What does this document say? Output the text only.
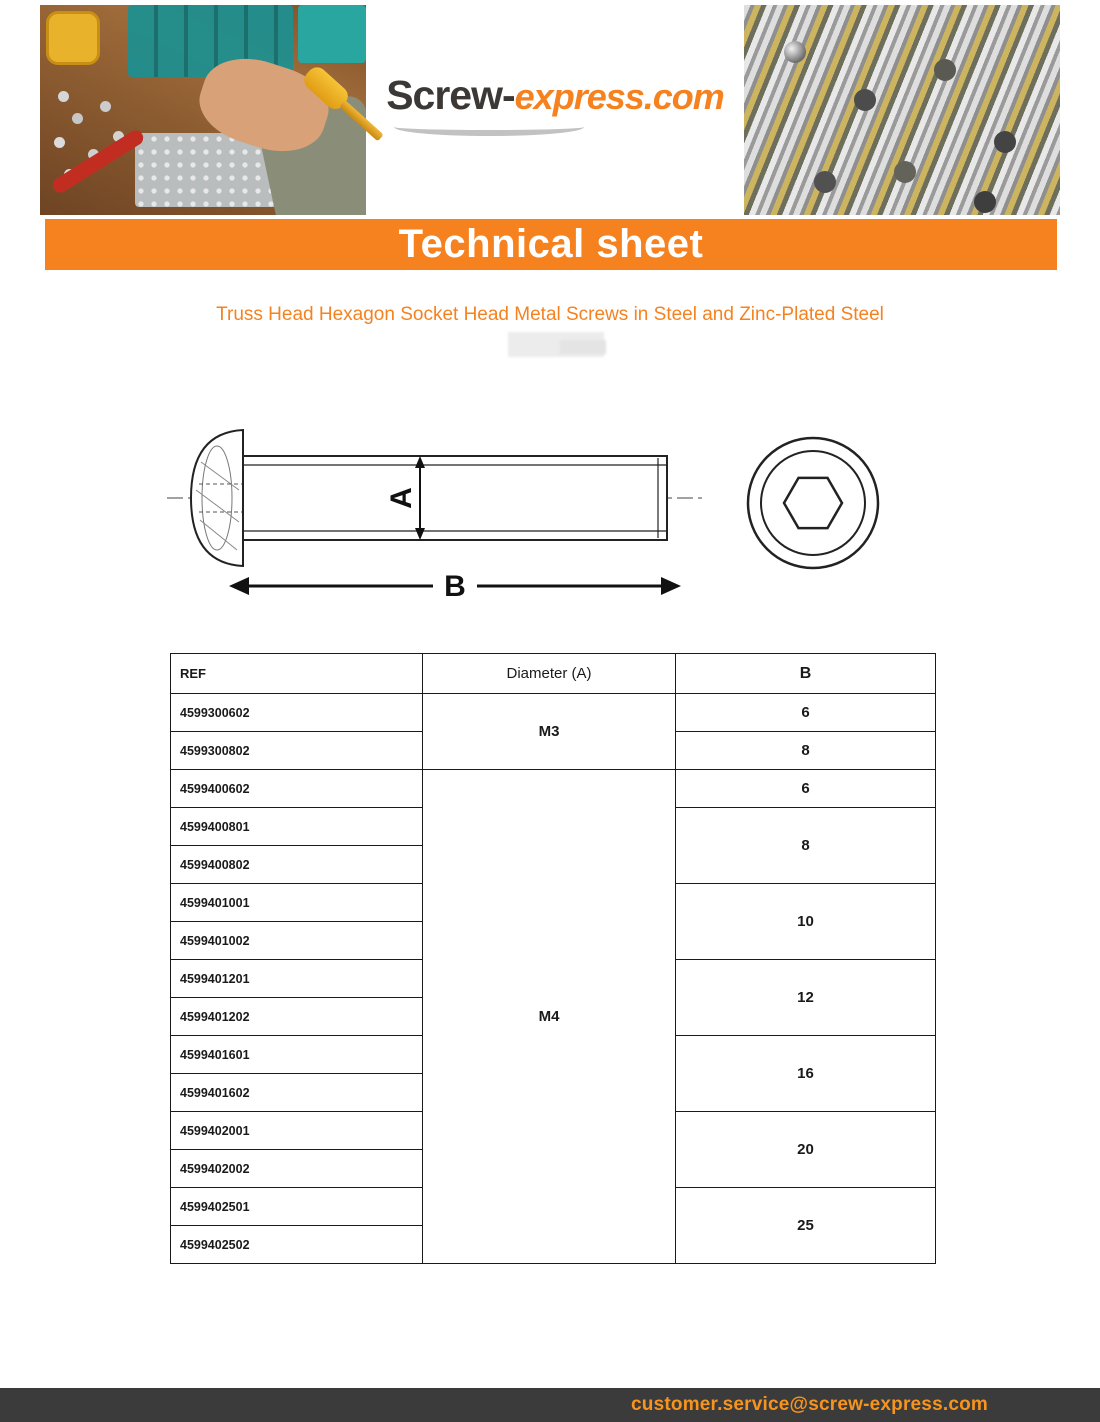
Screw-express.com
Technical sheet
Truss Head Hexagon Socket Head Metal Screws in Steel and Zinc-Plated Steel
A
B
REF	Diameter (A)	B
4599300602	M3	6
4599300802		8
4599400602	M4	6
4599400801		8
4599400802		
4599401001		10
4599401002		
4599401201		12
4599401202		
4599401601		16
4599401602		
4599402001		20
4599402002		
4599402501		25
4599402502		
customer.service@screw-express.com
